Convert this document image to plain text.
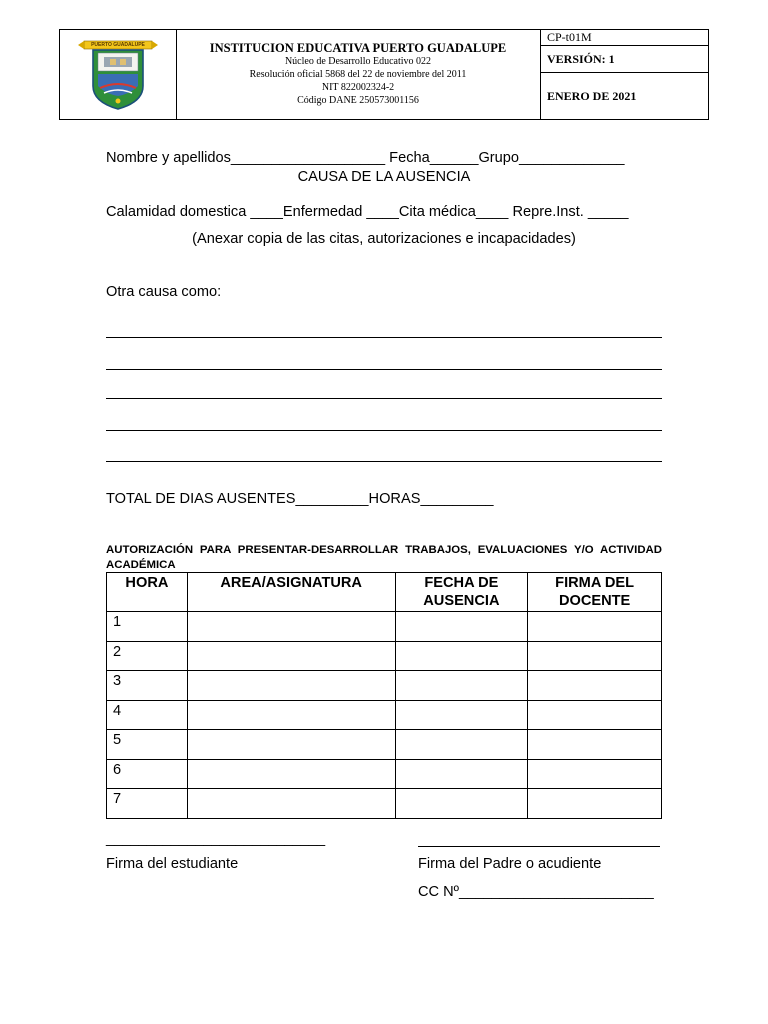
PUERTO GUADALUPE	INSTITUCION EDUCATIVA PUERTO GUADALUPE
Núcleo de Desarrollo Educativo 022
Resolución oficial 5868 del 22 de noviembre del 2011
NIT 822002324-2
Código DANE 250573001156
CP-t01M
VERSIÓN: 1
ENERO DE 2021
Nombre y apellidos___________________ Fecha______Grupo_____________
CAUSA DE LA AUSENCIA
Calamidad domestica ____Enfermedad ____Cita médica____ Repre.Inst. _____
(Anexar copia de las citas, autorizaciones e incapacidades)
Otra causa como:
TOTAL DE DIAS AUSENTES_________HORAS_________
AUTORIZACIÓN PARA PRESENTAR-DESARROLLAR TRABAJOS, EVALUACIONES Y/O ACTIVIDAD ACADÉMICA
HORA	AREA/ASIGNATURA	FECHA DE AUSENCIA	FIRMA DEL DOCENTE
1			
2			
3			
4			
5			
6			
7			
___________________________
Firma del estudiante	Firma del Padre o acudiente
CC Nº________________________
